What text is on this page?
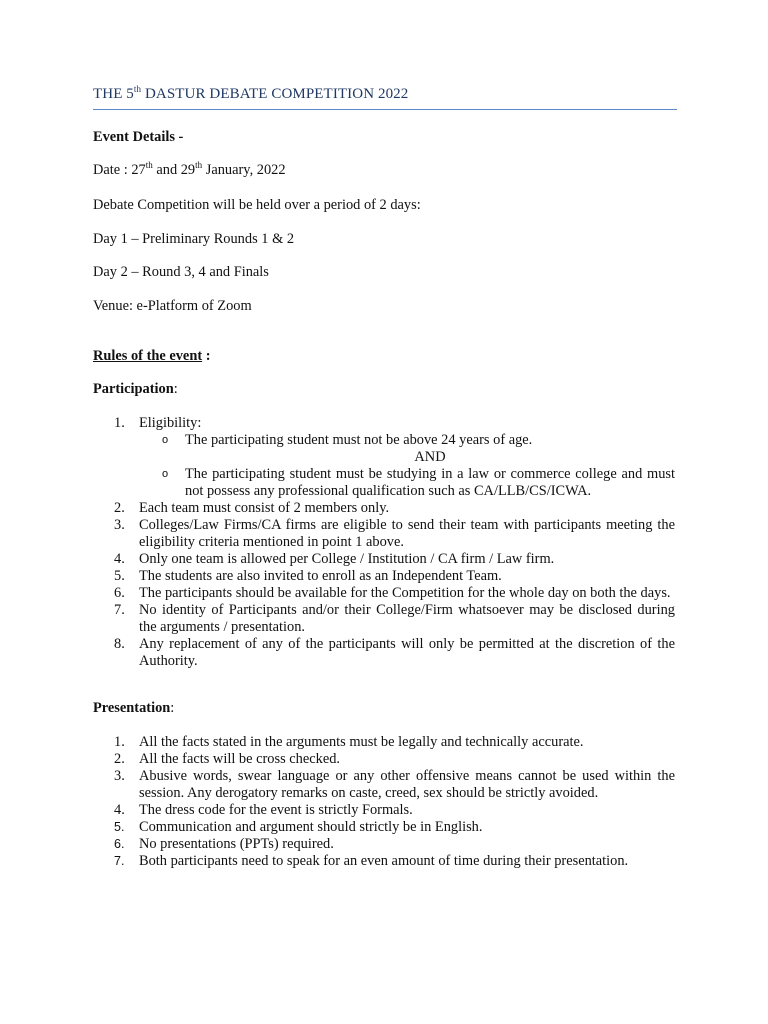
THE 5th DASTUR DEBATE COMPETITION 2022
Event Details -
Date : 27th and 29th January, 2022
Debate Competition will be held over a period of 2 days:
Day 1 – Preliminary Rounds 1 & 2
Day 2 – Round 3, 4 and Finals
Venue: e-Platform of Zoom
Rules of the event :
Participation:
1. Eligibility:
o The participating student must not be above 24 years of age.
AND
o The participating student must be studying in a law or commerce college and must not possess any professional qualification such as CA/LLB/CS/ICWA.
2. Each team must consist of 2 members only.
3. Colleges/Law Firms/CA firms are eligible to send their team with participants meeting the eligibility criteria mentioned in point 1 above.
4. Only one team is allowed per College / Institution / CA firm / Law firm.
5. The students are also invited to enroll as an Independent Team.
6. The participants should be available for the Competition for the whole day on both the days.
7. No identity of Participants and/or their College/Firm whatsoever may be disclosed during the arguments / presentation.
8. Any replacement of any of the participants will only be permitted at the discretion of the Authority.
Presentation:
1. All the facts stated in the arguments must be legally and technically accurate.
2. All the facts will be cross checked.
3. Abusive words, swear language or any other offensive means cannot be used within the session. Any derogatory remarks on caste, creed, sex should be strictly avoided.
4. The dress code for the event is strictly Formals.
5.	Communication and argument should strictly be in English.
6.	No presentations (PPTs) required.
7.	Both participants need to speak for an even amount of time during their presentation.
